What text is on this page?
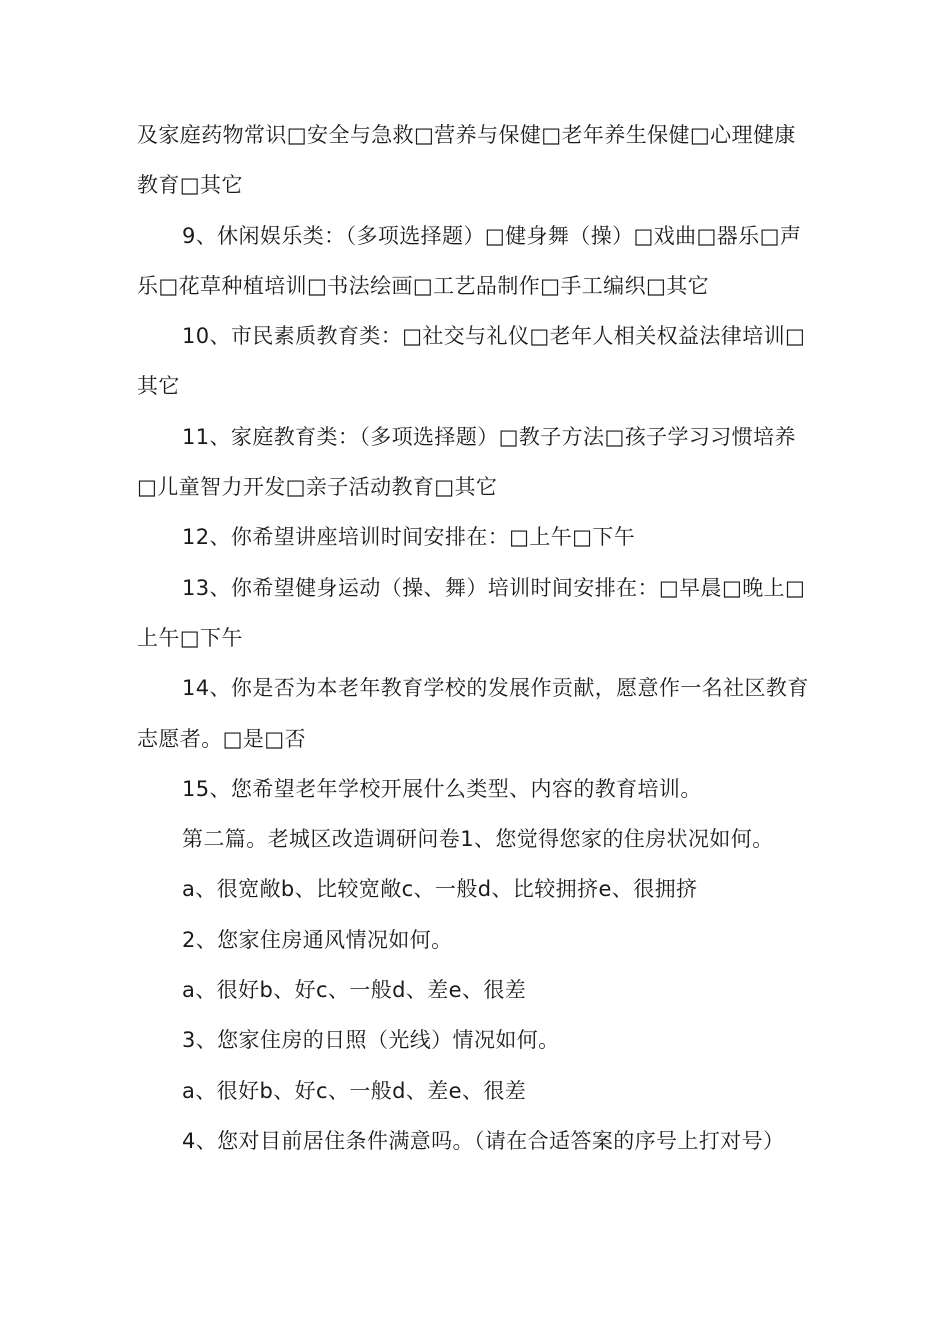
及家庭药物常识□安全与急救□营养与保健□老年养生保健□心理健康教育□其它

9、休闲娱乐类：（多项选择题）□健身舞（操）□戏曲□器乐□声乐□花草种植培训□书法绘画□工艺品制作□手工编织□其它

10、市民素质教育类：□社交与礼仪□老年人相关权益法律培训□其它

11、家庭教育类：（多项选择题）□教子方法□孩子学习习惯培养□儿童智力开发□亲子活动教育□其它

12、你希望讲座培训时间安排在：□上午□下午

13、你希望健身运动（操、舞）培训时间安排在：□早晨□晚上□上午□下午

14、你是否为本老年教育学校的发展作贡献，愿意作一名社区教育志愿者。□是□否

15、您希望老年学校开展什么类型、内容的教育培训。

第二篇。老城区改造调研问卷1、您觉得您家的住房状况如何。

a、很宽敞b、比较宽敞c、一般d、比较拥挤e、很拥挤

2、您家住房通风情况如何。

a、很好b、好c、一般d、差e、很差

3、您家住房的日照（光线）情况如何。

a、很好b、好c、一般d、差e、很差

4、您对目前居住条件满意吗。（请在合适答案的序号上打对号）
